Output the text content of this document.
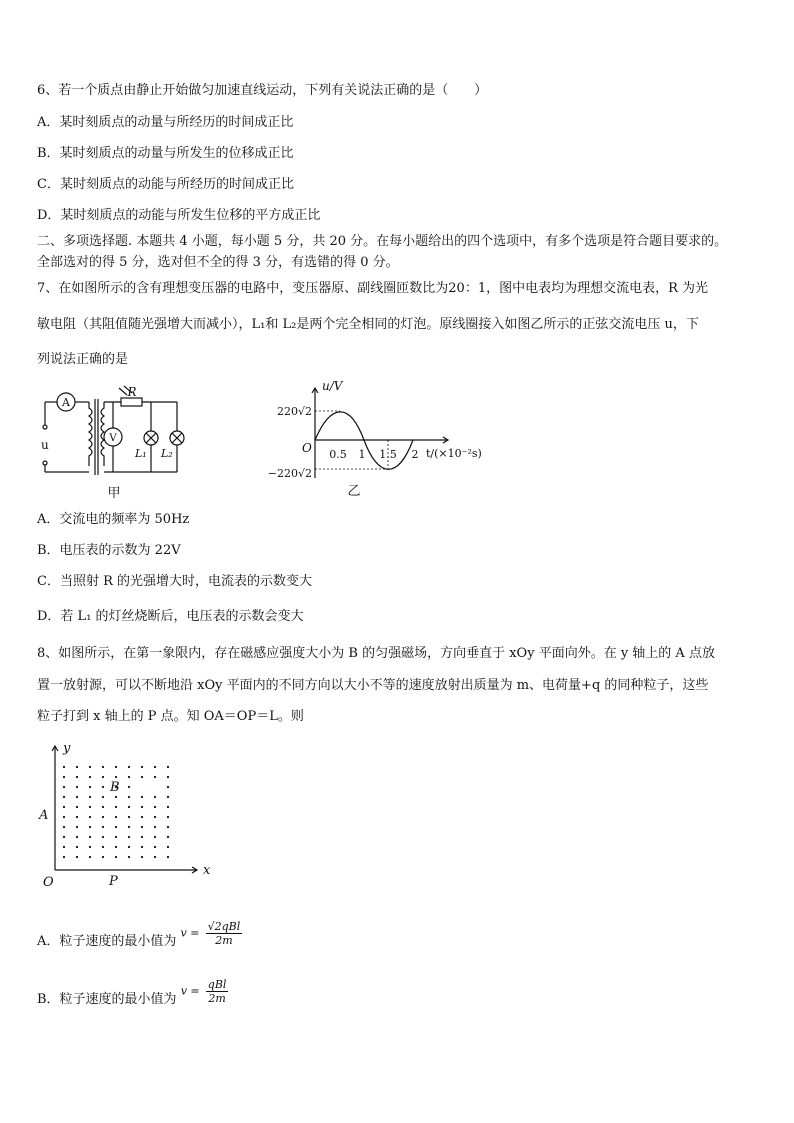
6、若一个质点由静止开始做匀加速直线运动，下列有关说法正确的是（　　）
A．某时刻质点的动量与所经历的时间成正比
B．某时刻质点的动量与所发生的位移成正比
C．某时刻质点的动能与所经历的时间成正比
D．某时刻质点的动能与所发生位移的平方成正比
二、多项选择题. 本题共 4 小题，每小题 5 分，共 20 分。在每小题给出的四个选项中，有多个选项是符合题目要求的。
全部选对的得 5 分，选对但不全的得 3 分，有选错的得 0 分。
7、在如图所示的含有理想变压器的电路中，变压器原、副线圈匝数比为20：1，图中电表均为理想交流电表，R 为光
敏电阻（其阻值随光强增大而减小），L₁和 L₂是两个完全相同的灯泡。原线圈接入如图乙所示的正弦交流电压 u，下
列说法正确的是
A
V
u
R
L₁ L₂
甲
u/V
O
220√2
−220√2
0.5 1 1.5 2 t/(×10⁻²s)
乙
A．交流电的频率为 50Hz
B．电压表的示数为 22V
C．当照射 R 的光强增大时，电流表的示数变大
D．若 L₁ 的灯丝烧断后，电压表的示数会变大
8、如图所示，在第一象限内，存在磁感应强度大小为 B 的匀强磁场，方向垂直于 xOy 平面向外。在 y 轴上的 A 点放
置一放射源，可以不断地沿 xOy 平面内的不同方向以大小不等的速度放射出质量为 m、电荷量+q 的同种粒子，这些
粒子打到 x 轴上的 P 点。知 OA＝OP＝L。则
y
x
O
A
P
B
A．粒子速度的最小值为 $v = \frac{\text{√2qBl}}{2m}$
B．粒子速度的最小值为 $v = \frac{\text{qBl}}{2m}$
